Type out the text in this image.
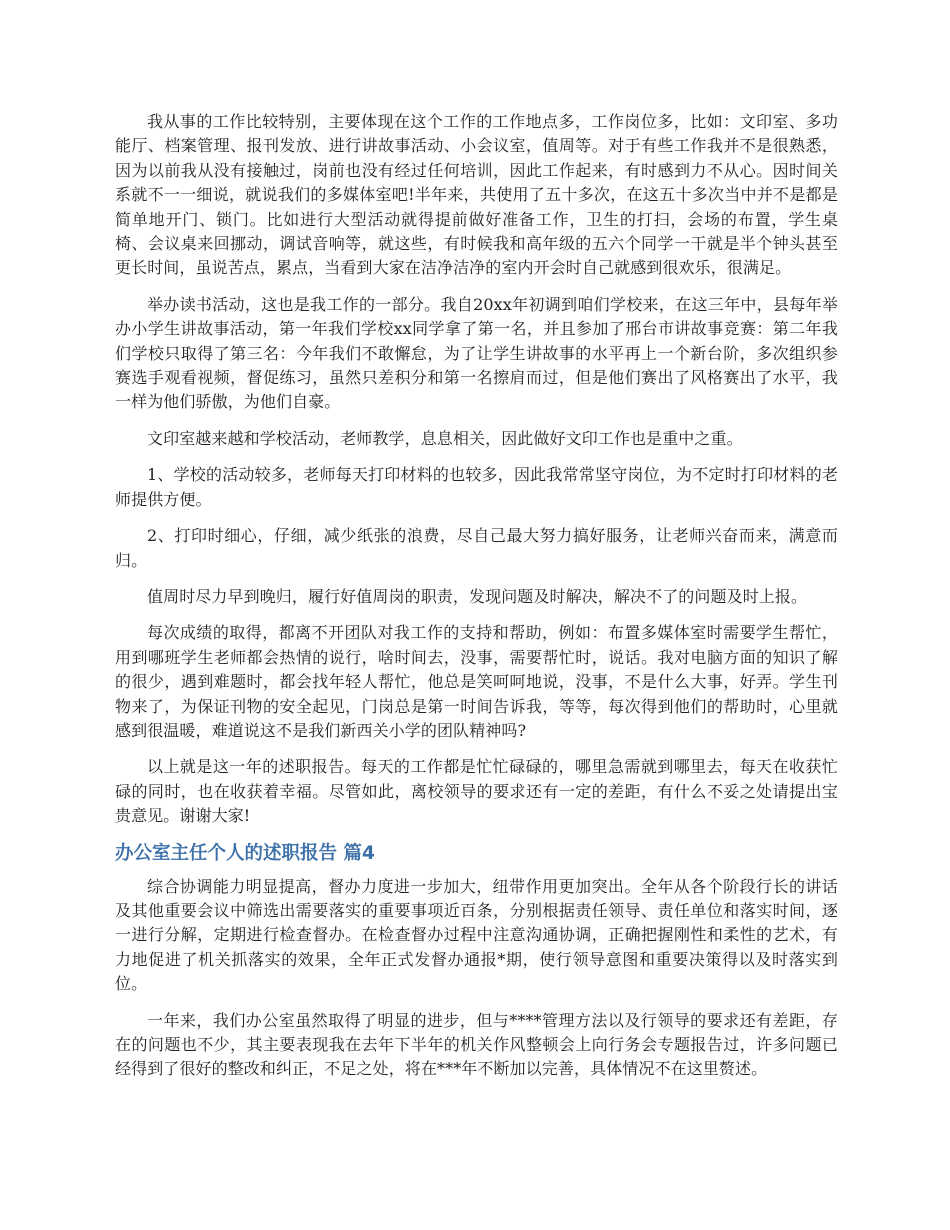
我从事的工作比较特别，主要体现在这个工作的工作地点多，工作岗位多，比如：文印室、多功能厅、档案管理、报刊发放、进行讲故事活动、小会议室，值周等。对于有些工作我并不是很熟悉，因为以前我从没有接触过，岗前也没有经过任何培训，因此工作起来，有时感到力不从心。因时间关系就不一一细说，就说我们的多媒体室吧!半年来，共使用了五十多次，在这五十多次当中并不是都是简单地开门、锁门。比如进行大型活动就得提前做好准备工作，卫生的打扫，会场的布置，学生桌椅、会议桌来回挪动，调试音响等，就这些，有时候我和高年级的五六个同学一干就是半个钟头甚至更长时间，虽说苦点，累点，当看到大家在洁净洁净的室内开会时自己就感到很欢乐，很满足。

举办读书活动，这也是我工作的一部分。我自20xx年初调到咱们学校来，在这三年中，县每年举办小学生讲故事活动，第一年我们学校xx同学拿了第一名，并且参加了邢台市讲故事竞赛：第二年我们学校只取得了第三名：今年我们不敢懈怠，为了让学生讲故事的水平再上一个新台阶，多次组织参赛选手观看视频，督促练习，虽然只差积分和第一名擦肩而过，但是他们赛出了风格赛出了水平，我一样为他们骄傲，为他们自豪。

文印室越来越和学校活动，老师教学，息息相关，因此做好文印工作也是重中之重。

1、学校的活动较多，老师每天打印材料的也较多，因此我常常坚守岗位，为不定时打印材料的老师提供方便。

2、打印时细心，仔细，减少纸张的浪费，尽自己最大努力搞好服务，让老师兴奋而来，满意而归。

值周时尽力早到晚归，履行好值周岗的职责，发现问题及时解决，解决不了的问题及时上报。

每次成绩的取得，都离不开团队对我工作的支持和帮助，例如：布置多媒体室时需要学生帮忙，用到哪班学生老师都会热情的说行，啥时间去，没事，需要帮忙时，说话。我对电脑方面的知识了解的很少，遇到难题时，都会找年轻人帮忙，他总是笑呵呵地说，没事，不是什么大事，好弄。学生刊物来了，为保证刊物的安全起见，门岗总是第一时间告诉我，等等，每次得到他们的帮助时，心里就感到很温暖，难道说这不是我们新西关小学的团队精神吗?

以上就是这一年的述职报告。每天的工作都是忙忙碌碌的，哪里急需就到哪里去，每天在收获忙碌的同时，也在收获着幸福。尽管如此，离校领导的要求还有一定的差距，有什么不妥之处请提出宝贵意见。谢谢大家!

办公室主任个人的述职报告 篇4

综合协调能力明显提高，督办力度进一步加大，纽带作用更加突出。全年从各个阶段行长的讲话及其他重要会议中筛选出需要落实的重要事项近百条，分别根据责任领导、责任单位和落实时间，逐一进行分解，定期进行检查督办。在检查督办过程中注意沟通协调，正确把握刚性和柔性的艺术，有力地促进了机关抓落实的效果，全年正式发督办通报*期，使行领导意图和重要决策得以及时落实到位。

一年来，我们办公室虽然取得了明显的进步，但与****管理方法以及行领导的要求还有差距，存在的问题也不少，其主要表现我在去年下半年的机关作风整顿会上向行务会专题报告过，许多问题已经得到了很好的整改和纠正，不足之处，将在***年不断加以完善，具体情况不在这里赘述。
